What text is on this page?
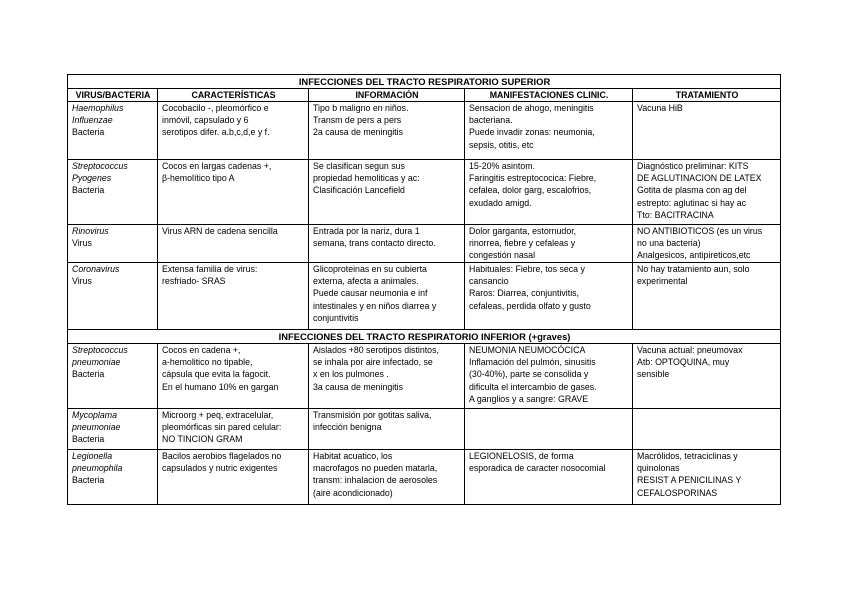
INFECCIONES DEL TRACTO RESPIRATORIO SUPERIOR				
VIRUS/BACTERIA	CARACTERÍSTICAS	INFORMACIÓN	MANIFESTACIONES CLINIC.	TRATAMIENTO

Haemophilus
Influenzae
Bacteria	Cocobacilo -, pleomórfico e
inmóvil, capsulado y 6
serotipos difer. a.b,c,d,e y f.	Tipo b maligno en niños.
Transm de pers a pers
2a causa de meningitis	Sensacion de ahogo, meningitis
bacteriana.
Puede invadir zonas: neumonia,
sepsis, otitis, etc	Vacuna HiB

Streptococcus
Pyogenes
Bacteria	Cocos en largas cadenas +,
β-hemolítico tipo A	Se clasifican segun sus
propiedad hemoliticas y ac:
Clasificación Lancefield	15-20% asintom.
Faringitis estreptococica: Fiebre,
cefalea, dolor garg, escalofrios,
exudado amigd.	Diagnóstico preliminar: KITS
DE AGLUTINACION DE LATEX
Gotita de plasma con ag del
estrepto: aglutinac si hay ac
Tto: BACITRACINA

Rinovirus
Virus	Virus ARN de cadena sencilla	Entrada por la nariz, dura 1
semana, trans contacto directo.	Dolor garganta, estornudor,
rinorrea, fiebre y cefaleas y
congestión nasal	NO ANTIBIOTICOS (es un virus
no una bacteria)
Analgesicos, antipireticos,etc

Coronavirus
Virus	Extensa familia de virus:
resfriado- SRAS	Glicoproteinas en su cubierta
externa, afecta a animales.
Puede causar neumonia e inf
intestinales y en niños diarrea y
conjuntivitis	Habituales: Fiebre, tos seca y
cansancio
Raros: Diarrea, conjuntivitis,
cefaleas, perdida olfato y gusto	No hay tratamiento aun, solo
experimental

INFECCIONES DEL TRACTO RESPIRATORIO INFERIOR (+graves)				

Streptococcus
pneumoniae
Bacteria	Cocos en cadena +,
a-hemolitico no tipable,
cápsula que evita la fagocit.
En el humano 10% en gargan	Aislados +80 serotipos distintos,
se inhala por aire infectado, se
x en los pulmones .
3a causa de meningitis	NEUMONIA NEUMOCÓCICA
Inflamación del pulmón, sinusitis
(30-40%), parte se consolida y
dificulta el intercambio de gases.
A ganglios y a sangre: GRAVE	Vacuna actual: pneumovax
Atb: OPTOQUINA, muy
sensible

Mycoplama
pneumoniae
Bacteria	Microorg + peq, extracelular,
pleomórficas sin pared celular:
NO TINCION GRAM	Transmisión por gotitas saliva,
infección benigna		

Legionella
pneumophila
Bacteria	Bacilos aerobios flagelados no
capsulados y nutric exigentes	Habitat acuatico, los
macrofagos no pueden matarla,
transm: inhalacion de aerosoles
(aire acondicionado)	LEGIONELOSIS, de forma
esporadica de caracter nosocomial	Macrólidos, tetraciclinas y
quinolonas
RESIST A PENICILINAS Y
CEFALOSPORINAS
